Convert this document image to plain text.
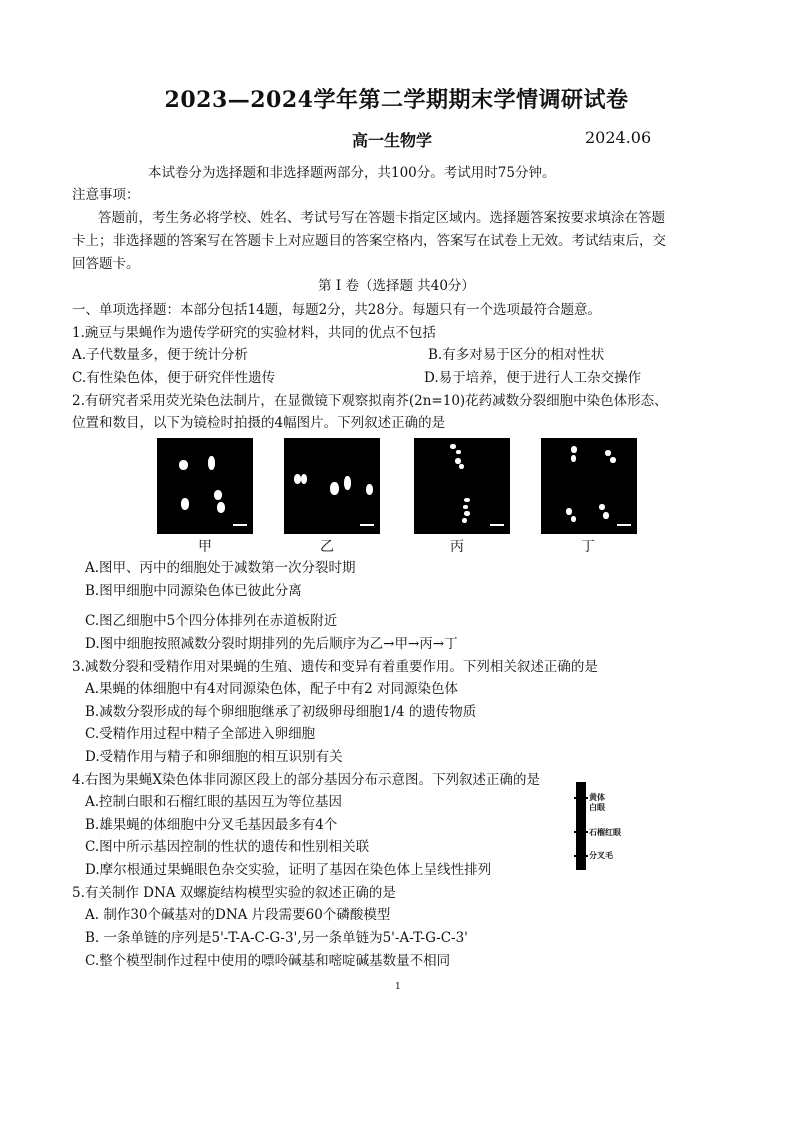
2023—2024学年第二学期期末学情调研试卷
高一生物学	2024.06
本试卷分为选择题和非选择题两部分，共100分。考试用时75分钟。
注意事项：
答题前，考生务必将学校、姓名、考试号写在答题卡指定区域内。选择题答案按要求填涂在答题
卡上；非选择题的答案写在答题卡上对应题目的答案空格内，答案写在试卷上无效。考试结束后，交
回答题卡。
第 Ⅰ 卷（选择题 共40分）
一、单项选择题：本部分包括14题，每题2分，共28分。每题只有一个选项最符合题意。
1.豌豆与果蝇作为遗传学研究的实验材料，共同的优点不包括
A.子代数量多，便于统计分析	B.有多对易于区分的相对性状
C.有性染色体，便于研究伴性遗传	D.易于培养，便于进行人工杂交操作
2.有研究者采用荧光染色法制片，在显微镜下观察拟南芥(2n=10)花药减数分裂细胞中染色体形态、
位置和数目，以下为镜检时拍摄的4幅图片。下列叙述正确的是
甲	乙	丙	丁
A.图甲、丙中的细胞处于减数第一次分裂时期
B.图甲细胞中同源染色体已彼此分离
C.图乙细胞中5个四分体排列在赤道板附近
D.图中细胞按照减数分裂时期排列的先后顺序为乙→甲→丙→丁
3.减数分裂和受精作用对果蝇的生殖、遗传和变异有着重要作用。下列相关叙述正确的是
A.果蝇的体细胞中有4对同源染色体，配子中有2 对同源染色体
B.减数分裂形成的每个卵细胞继承了初级卵母细胞1/4 的遗传物质
C.受精作用过程中精子全部进入卵细胞
D.受精作用与精子和卵细胞的相互识别有关
4.右图为果蝇X染色体非同源区段上的部分基因分布示意图。下列叙述正确的是
A.控制白眼和石榴红眼的基因互为等位基因
B.雄果蝇的体细胞中分叉毛基因最多有4个
C.图中所示基因控制的性状的遗传和性别相关联
D.摩尔根通过果蝇眼色杂交实验，证明了基因在染色体上呈线性排列
黄体
白眼
石榴红眼
分叉毛
5.有关制作 DNA 双螺旋结构模型实验的叙述正确的是
A. 制作30个碱基对的DNA 片段需要60个磷酸模型
B. 一条单链的序列是5'-T-A-C-G-3',另一条单链为5'-A-T-G-C-3'
C.整个模型制作过程中使用的嘌呤碱基和嘧啶碱基数量不相同
1
